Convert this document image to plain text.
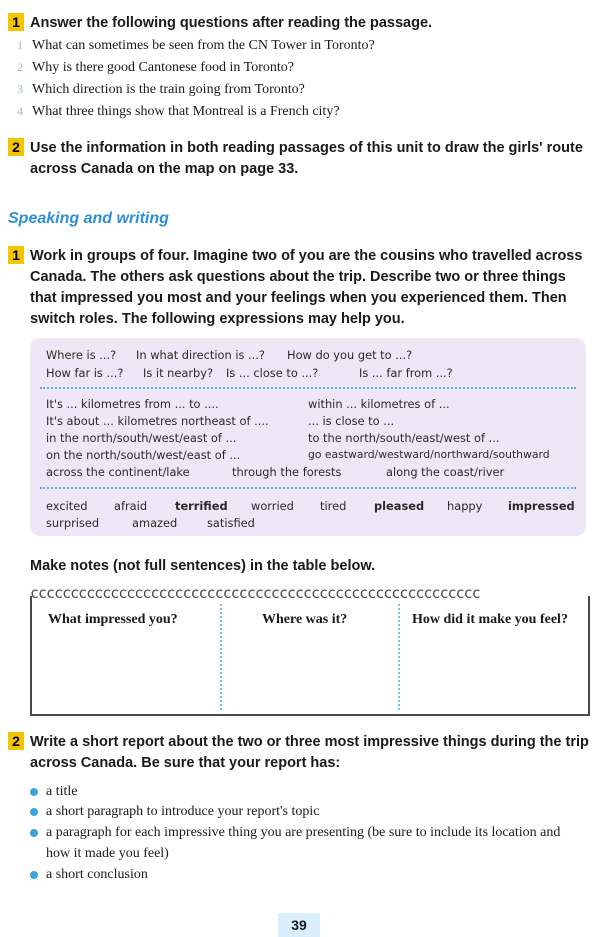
1 Answer the following questions after reading the passage.
1 What can sometimes be seen from the CN Tower in Toronto?
2 Why is there good Cantonese food in Toronto?
3 Which direction is the train going from Toronto?
4 What three things show that Montreal is a French city?
2 Use the information in both reading passages of this unit to draw the girls' route
across Canada on the map on page 33.
Speaking and writing
1 Work in groups of four. Imagine two of you are the cousins who travelled across
Canada. The others ask questions about the trip. Describe two or three things
that impressed you most and your feelings when you experienced them. Then
switch roles. The following expressions may help you.
Where is ...? In what direction is ...? How do you get to ...?
How far is ...? Is it nearby? Is ... close to ...?	Is ... far from ...?
It's ... kilometres from ... to ....
It's about ... kilometres northeast of ....
in the north/south/west/east of ...
on the north/south/west/east of ...
within ... kilometres of ...
... is close to ...
to the north/south/east/west of ...
go eastward/westward/northward/southward
across the continent/lake	through the forests	along the coast/river
excited afraid terrified worried tired pleased happy impressed
surprised	amazed	satisfied
Make notes (not full sentences) in the table below.
cccccccccccccccccccccccccccccccccccccccccccccccccccccccc
What impressed you?	Where was it?	How did it make you feel?
2 Write a short report about the two or three most impressive things during the trip
across Canada. Be sure that your report has:
a title
a short paragraph to introduce your report's topic
a paragraph for each impressive thing you are presenting (be sure to include its location and
how it made you feel)
a short conclusion
39
